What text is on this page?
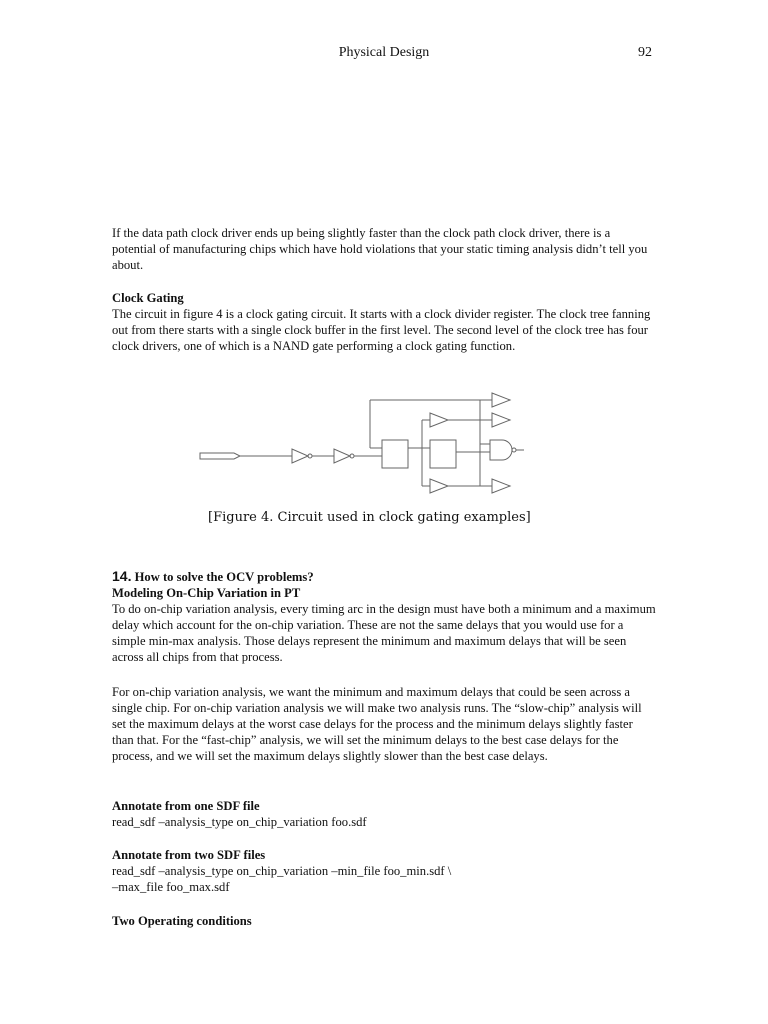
Physical Design	92

If the data path clock driver ends up being slightly faster than the clock path clock driver, there is a potential of manufacturing chips which have hold violations that your static timing analysis didn’t tell you about.

Clock Gating

The circuit in figure 4 is a clock gating circuit. It starts with a clock divider register. The clock tree fanning out from there starts with a single clock buffer in the first level. The second level of the clock tree has four clock drivers, one of which is a NAND gate performing a clock gating function.

[Figure 4. Circuit used in clock gating examples]

14. How to solve the OCV problems?

Modeling On-Chip Variation in PT

To do on-chip variation analysis, every timing arc in the design must have both a minimum and a maximum delay which account for the on-chip variation. These are not the same delays that you would use for a simple min-max analysis. Those delays represent the minimum and maximum delays that will be seen across all chips from that process.

For on-chip variation analysis, we want the minimum and maximum delays that could be seen across a single chip. For on-chip variation analysis we will make two analysis runs. The “slow-chip” analysis will set the maximum delays at the worst case delays for the process and the minimum delays slightly faster than that. For the “fast-chip” analysis, we will set the minimum delays to the best case delays for the process, and we will set the maximum delays slightly slower than the best case delays.

Annotate from one SDF file

read_sdf –analysis_type on_chip_variation foo.sdf

Annotate from two SDF files

read_sdf –analysis_type on_chip_variation –min_file foo_min.sdf \

–max_file foo_max.sdf

Two Operating conditions
